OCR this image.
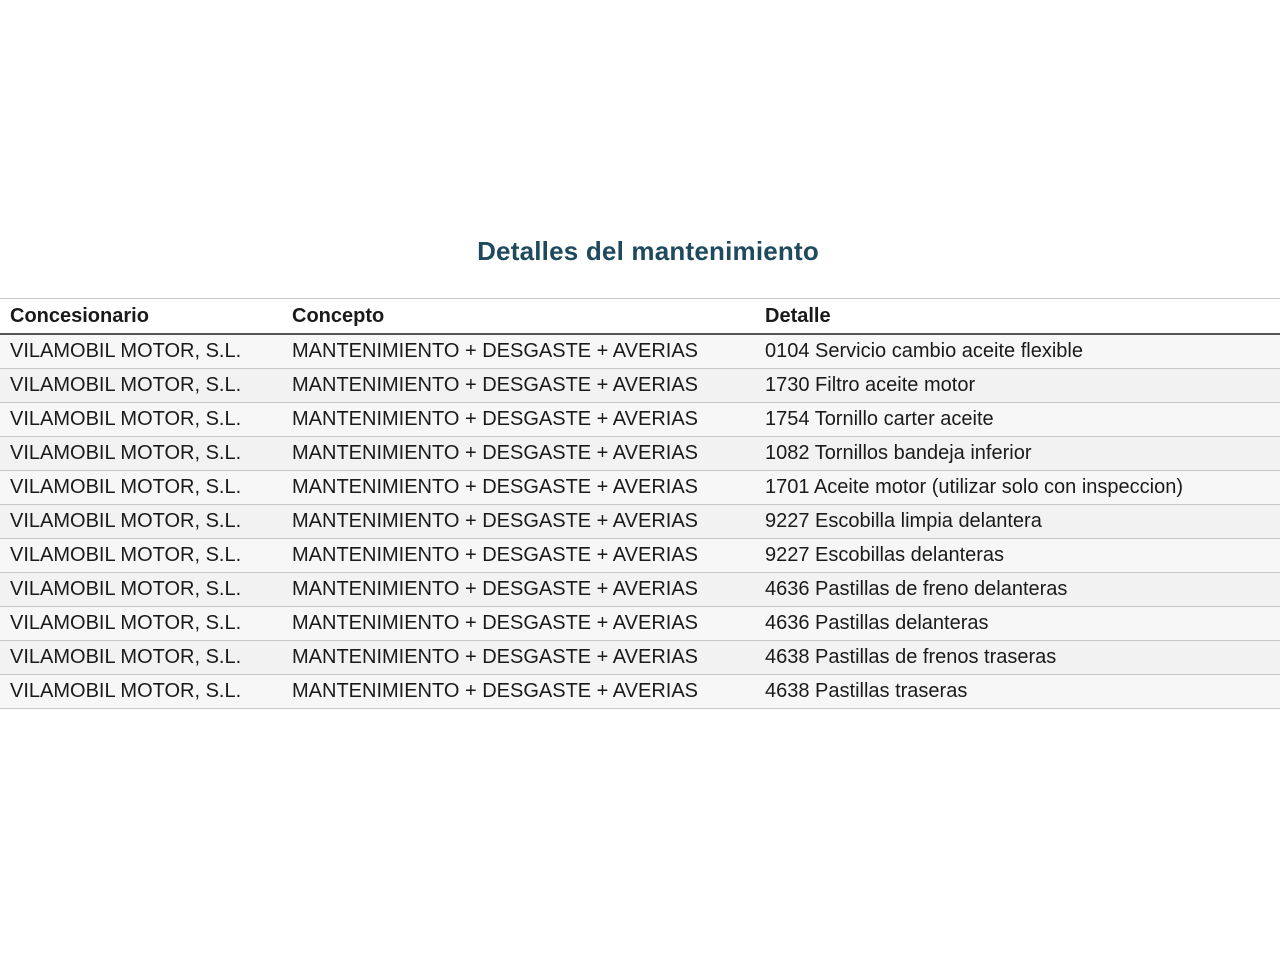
Detalles del mantenimiento
Concesionario	Concepto	Detalle
VILAMOBIL MOTOR, S.L.	MANTENIMIENTO + DESGASTE + AVERIAS	0104 Servicio cambio aceite flexible
VILAMOBIL MOTOR, S.L.	MANTENIMIENTO + DESGASTE + AVERIAS	1730 Filtro aceite motor
VILAMOBIL MOTOR, S.L.	MANTENIMIENTO + DESGASTE + AVERIAS	1754 Tornillo carter aceite
VILAMOBIL MOTOR, S.L.	MANTENIMIENTO + DESGASTE + AVERIAS	1082 Tornillos bandeja inferior
VILAMOBIL MOTOR, S.L.	MANTENIMIENTO + DESGASTE + AVERIAS	1701 Aceite motor (utilizar solo con inspeccion)
VILAMOBIL MOTOR, S.L.	MANTENIMIENTO + DESGASTE + AVERIAS	9227 Escobilla limpia delantera
VILAMOBIL MOTOR, S.L.	MANTENIMIENTO + DESGASTE + AVERIAS	9227 Escobillas delanteras
VILAMOBIL MOTOR, S.L.	MANTENIMIENTO + DESGASTE + AVERIAS	4636 Pastillas de freno delanteras
VILAMOBIL MOTOR, S.L.	MANTENIMIENTO + DESGASTE + AVERIAS	4636 Pastillas delanteras
VILAMOBIL MOTOR, S.L.	MANTENIMIENTO + DESGASTE + AVERIAS	4638 Pastillas de frenos traseras
VILAMOBIL MOTOR, S.L.	MANTENIMIENTO + DESGASTE + AVERIAS	4638 Pastillas traseras
